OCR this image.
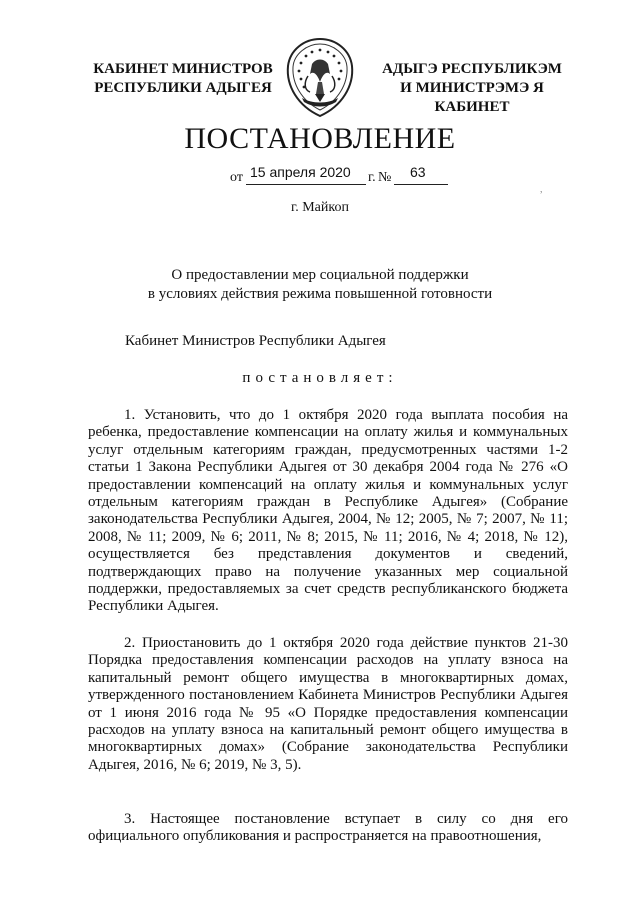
КАБИНЕТ МИНИСТРОВ
РЕСПУБЛИКИ АДЫГЕЯ
АДЫГЭ РЕСПУБЛИКЭМ
И МИНИСТРЭМЭ Я КАБИНЕТ
ПОСТАНОВЛЕНИЕ
от 15 апреля 2020 г. № 63
г. Майкоп
О предоставлении мер социальной поддержки
в условиях действия режима повышенной готовности
Кабинет Министров Республики Адыгея
постановляет:

1. Установить, что до 1 октября 2020 года выплата пособия на ребенка, предоставление компенсации на оплату жилья и коммунальных услуг отдельным категориям граждан, предусмотренных частями 1-2 статьи 1 Закона Республики Адыгея от 30 декабря 2004 года № 276 «О предоставлении компенсаций на оплату жилья и коммунальных услуг отдельным категориям граждан в Республике Адыгея» (Собрание законодательства Республики Адыгея, 2004, № 12; 2005, № 7; 2007, № 11; 2008, № 11; 2009, № 6; 2011, № 8; 2015, № 11; 2016, № 4; 2018, № 12), осуществляется без представления документов и сведений, подтверждающих право на получение указанных мер социальной поддержки, предоставляемых за счет средств республиканского бюджета Республики Адыгея.

2. Приостановить до 1 октября 2020 года действие пунктов 21-30 Порядка предоставления компенсации расходов на уплату взноса на капитальный ремонт общего имущества в многоквартирных домах, утвержденного постановлением Кабинета Министров Республики Адыгея от 1 июня 2016 года № 95 «О Порядке предоставления компенсации расходов на уплату взноса на капитальный ремонт общего имущества в многоквартирных домах» (Собрание законодательства Республики Адыгея, 2016, № 6; 2019, № 3, 5).

3. Настоящее постановление вступает в силу со дня его официального опубликования и распространяется на правоотношения,

,
